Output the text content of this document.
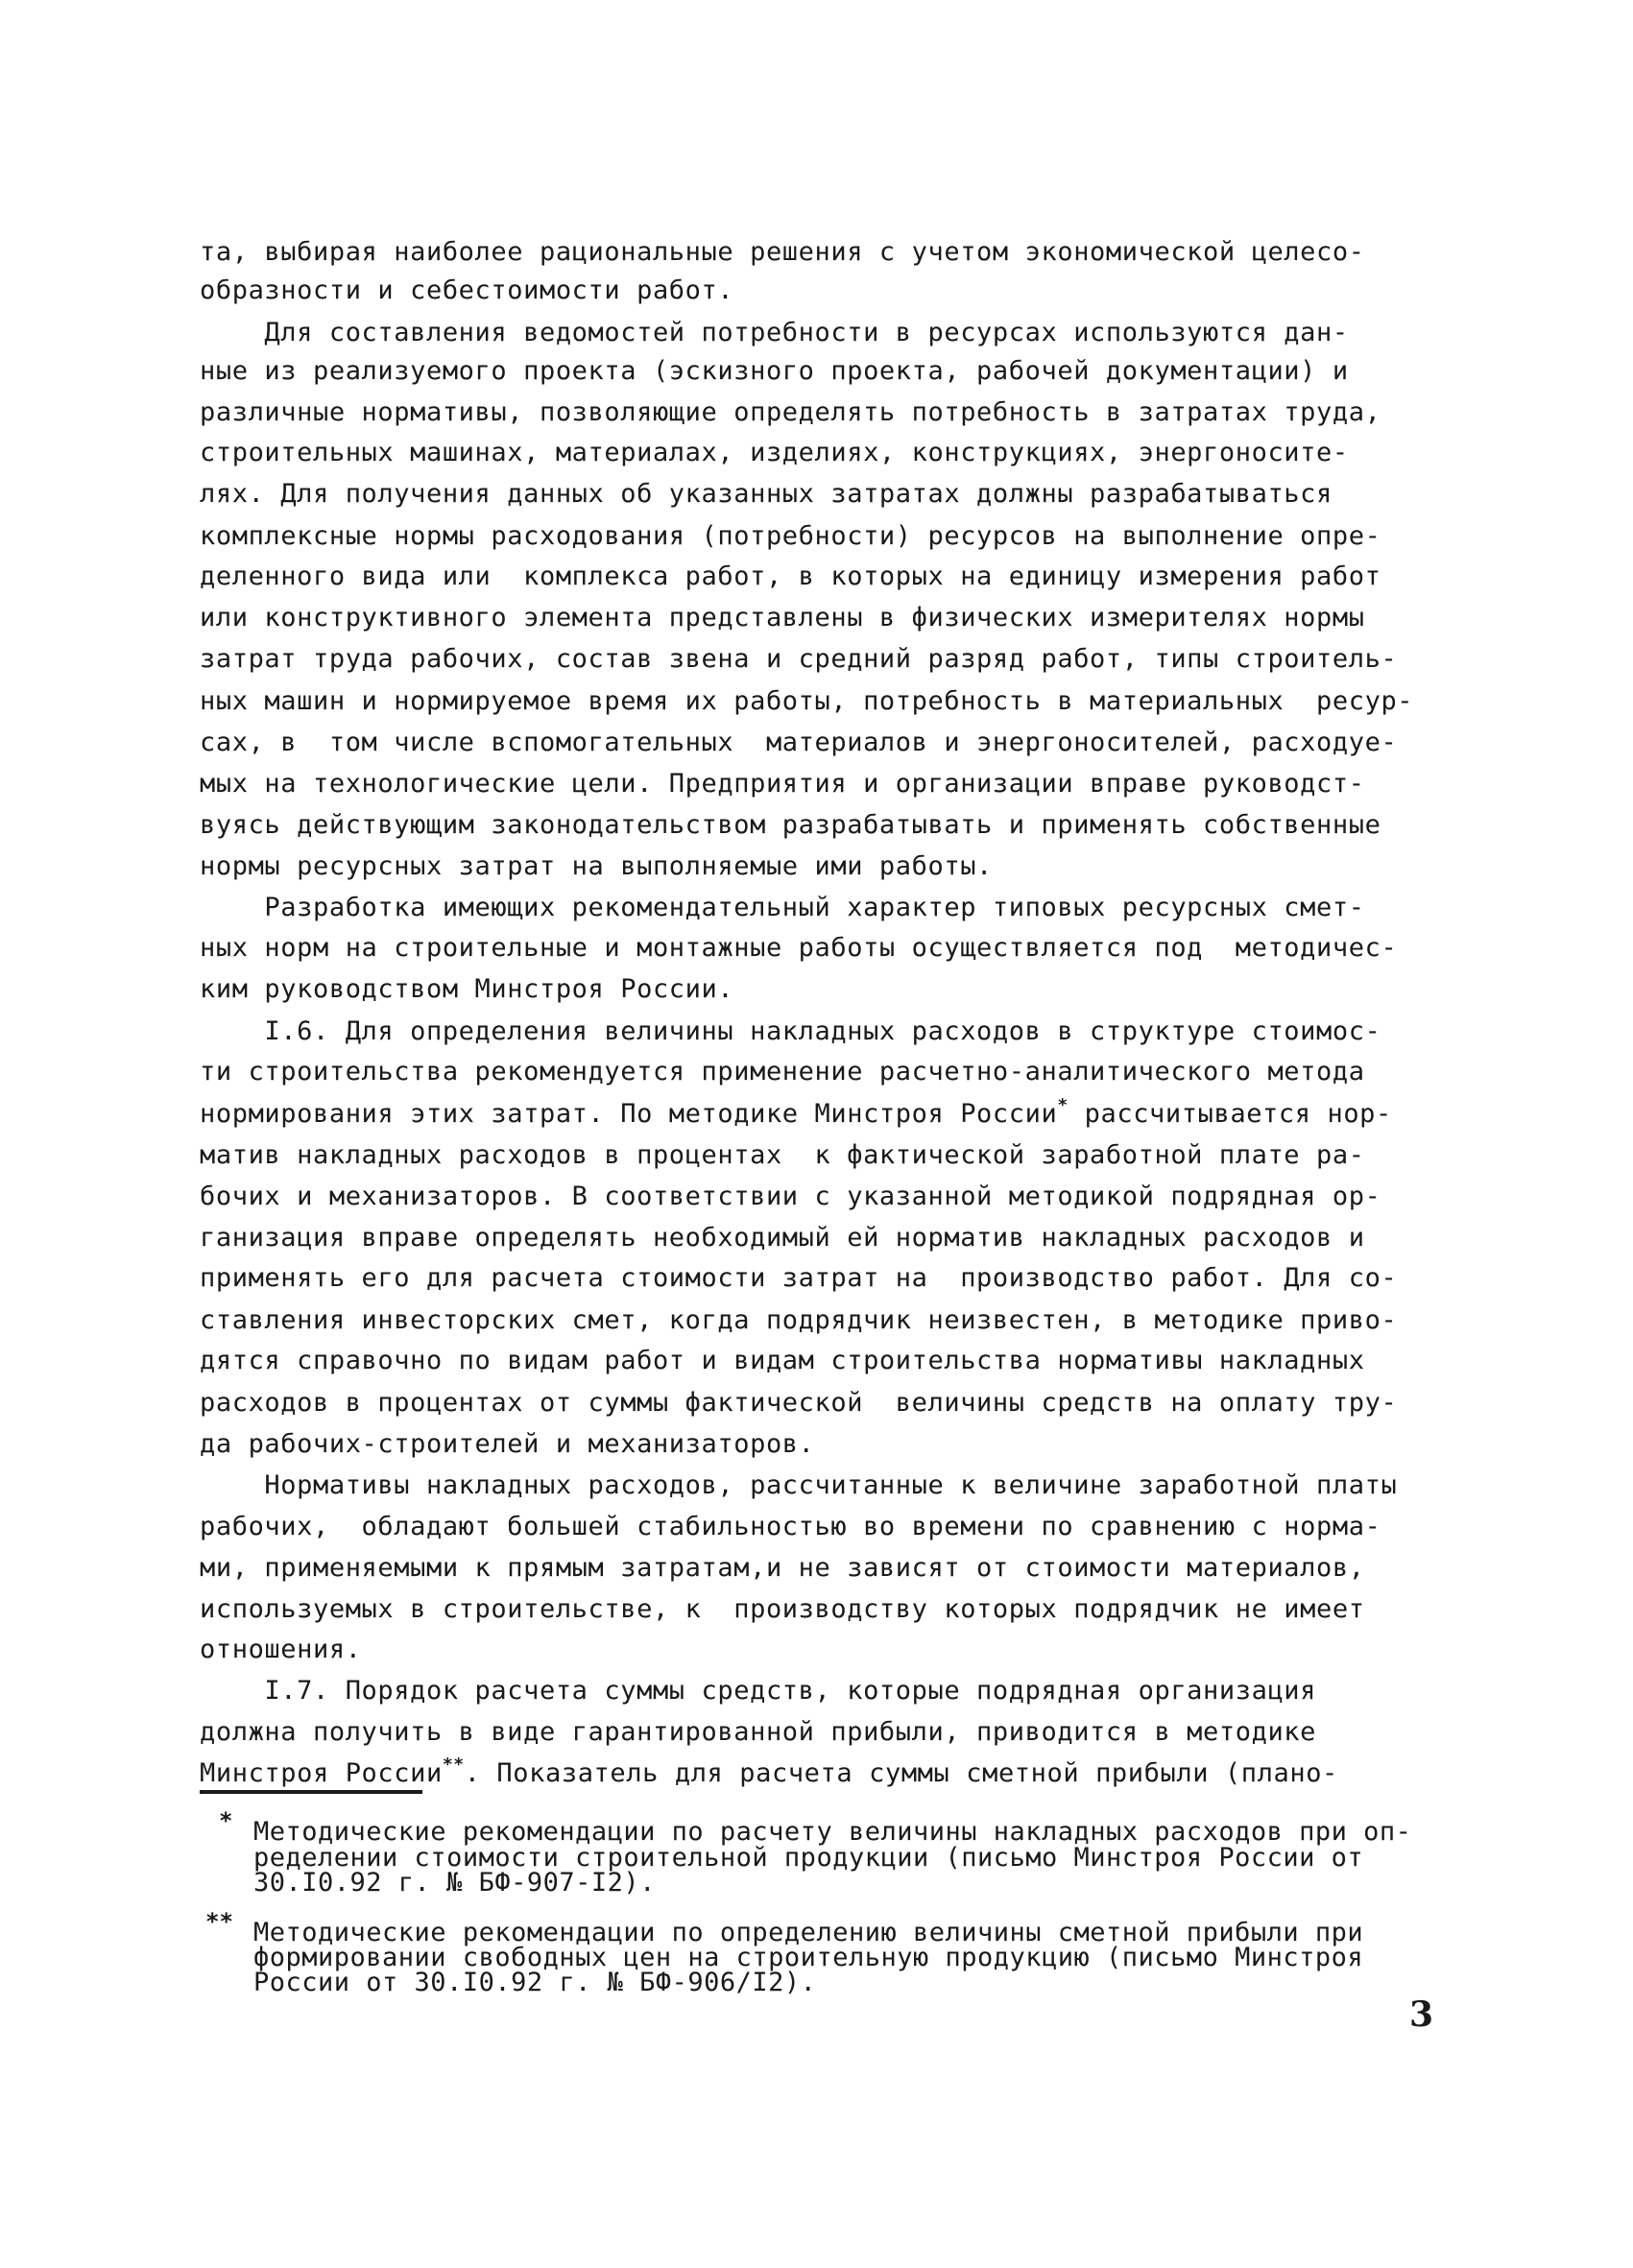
та, выбирая наиболее рациональные решения с учетом экономической целесо-
образности и себестоимости работ.
Для составления ведомостей потребности в ресурсах используются дан-
ные из реализуемого проекта (эскизного проекта, рабочей документации) и
различные нормативы, позволяющие определять потребность в затратах труда,
строительных машинах, материалах, изделиях, конструкциях, энергоносите-
лях. Для получения данных об указанных затратах должны разрабатываться
комплексные нормы расходования (потребности) ресурсов на выполнение опре-
деленного вида или  комплекса работ, в которых на единицу измерения работ
или конструктивного элемента представлены в физических измерителях нормы
затрат труда рабочих, состав звена и средний разряд работ, типы строитель-
ных машин и нормируемое время их работы, потребность в материальных  ресур-
сах, в  том числе вспомогательных  материалов и энергоносителей, расходуе-
мых на технологические цели. Предприятия и организации вправе руководст-
вуясь действующим законодательством разрабатывать и применять собственные
нормы ресурсных затрат на выполняемые ими работы.
Разработка имеющих рекомендательный характер типовых ресурсных смет-
ных норм на строительные и монтажные работы осуществляется под  методичес-
ким руководством Минстроя России.
I.6. Для определения величины накладных расходов в структуре стоимос-
ти строительства рекомендуется применение расчетно-аналитического метода
нормирования этих затрат. По методике Минстроя России* рассчитывается нор-
матив накладных расходов в процентах  к фактической заработной плате ра-
бочих и механизаторов. В соответствии с указанной методикой подрядная ор-
ганизация вправе определять необходимый ей норматив накладных расходов и
применять его для расчета стоимости затрат на  производство работ. Для со-
ставления инвесторских смет, когда подрядчик неизвестен, в методике приво-
дятся справочно по видам работ и видам строительства нормативы накладных
расходов в процентах от суммы фактической  величины средств на оплату тру-
да рабочих-строителей и механизаторов.
Нормативы накладных расходов, рассчитанные к величине заработной платы
рабочих,  обладают большей стабильностью во времени по сравнению с норма-
ми, применяемыми к прямым затратам,и не зависят от стоимости материалов,
используемых в строительстве, к  производству которых подрядчик не имеет
отношения.
I.7. Порядок расчета суммы средств, которые подрядная организация
должна получить в виде гарантированной прибыли, приводится в методике
Минстроя России**. Показатель для расчета суммы сметной прибыли (плано-
* Методические рекомендации по расчету величины накладных расходов при оп-
ределении стоимости строительной продукции (письмо Минстроя России от
30.I0.92 г. № БФ-907-I2).
** Методические рекомендации по определению величины сметной прибыли при
формировании свободных цен на строительную продукцию (письмо Минстроя
России от 30.I0.92 г. № БФ-906/I2).
3
